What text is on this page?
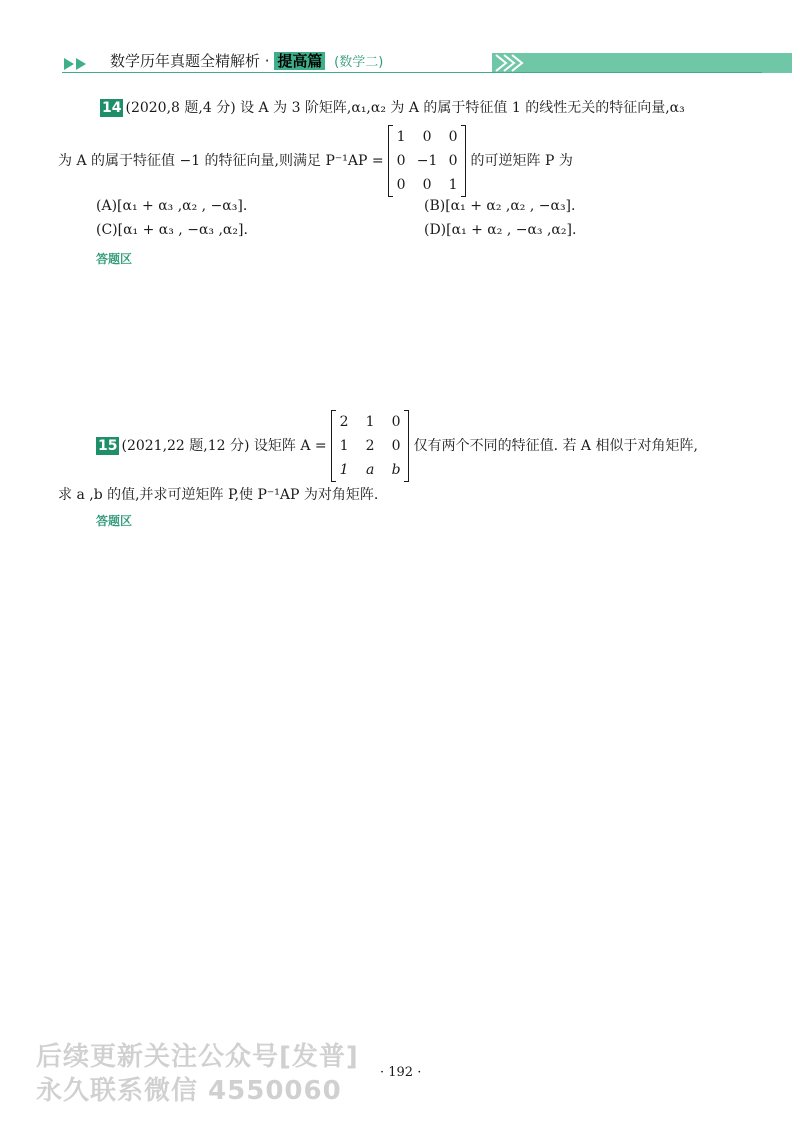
数学历年真题全精解析 · 提高篇 (数学二)
14 (2020,8 题,4 分) 设 A 为 3 阶矩阵,α₁,α₂ 为 A 的属于特征值 1 的线性无关的特征向量,α₃
为 A 的属于特征值 −1 的特征向量,则满足 P⁻¹AP =
1	0	0
0	−1	0
0	0	1
的可逆矩阵 P 为
(A)[α₁ + α₃ ,α₂ , −α₃].	(B)[α₁ + α₂ ,α₂ , −α₃].
(C)[α₁ + α₃ , −α₃ ,α₂].	(D)[α₁ + α₂ , −α₃ ,α₂].
答题区
15 (2021,22 题,12 分) 设矩阵 A =
2	1	0
1	2	0
1	a	b
仅有两个不同的特征值. 若 A 相似于对角矩阵,
求 a ,b 的值,并求可逆矩阵 P,使 P⁻¹AP 为对角矩阵.
答题区
后续更新关注公众号[发普]
永久联系微信 4550060
· 192 ·
